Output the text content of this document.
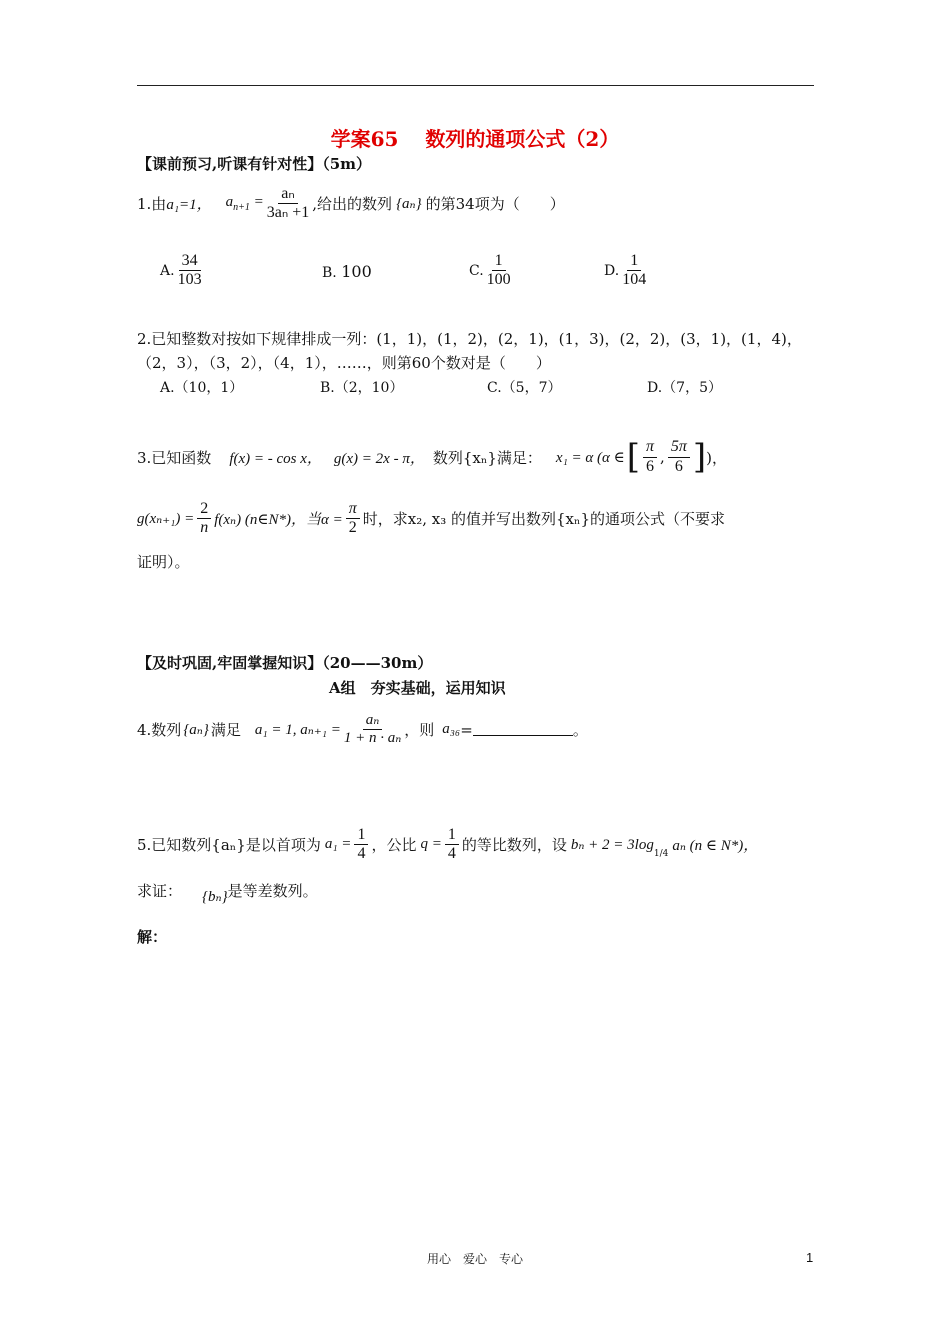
学案65　 数列的通项公式（2）
【课前预习,听课有针对性】（5m）
1.由 a₁=1， $a_{n+1} = \frac{\text{aₙ}}{\text{3aₙ +1}}$ ,给出的数列 {aₙ} 的第34项为（　　）
A. $\frac{34}{103}$	B. 100	C. $\frac{1}{100}$	D. $\frac{1}{104}$
2.已知整数对按如下规律排成一列：(1，1)，(1，2)，(2，1)，(1，3)，(2，2)，(3，1)，(1，4)，
（2，3），（3，2），（4，1），……，则第60个数对是（　　）
A.（10，1）	B.（2，10）	C.（5，7）	D.（7，5）
3.已知函数 f(x) = - cos x， g(x) = 2x - π， 数列{xₙ}满足： x₁ = α (α ∈ [ $\frac{\pi}{6}$ , $\frac{5\pi}{6}$ ] )，
$g(x_{n+1}) = \frac{2}{n} f(x_n)$ (n∈N*)，当$\alpha = \frac{\pi}{2}$ 时，求x₂, x₃ 的值并写出数列{xₙ}的通项公式（不要求
证明）。
【及时巩固,牢固掌握知识】（20——30m）
A组　夯实基础，运用知识
4.数列 {aₙ} 满足 a₁ = 1, $a_{n+1} = \frac{\text{aₙ}}{\text{1 + n · aₙ}}$ ，则 a₃₆ =	。
5.已知数列{aₙ}是以首项为 $a_1 = \frac{1}{4}$ ，公比 $q = \frac{1}{4}$ 的等比数列，设 bₙ + 2 = 3log
1/4 aₙ (n ∈ N*)，
求证： {bₙ} 是等差数列。
解：
用心　爱心　专心	1
